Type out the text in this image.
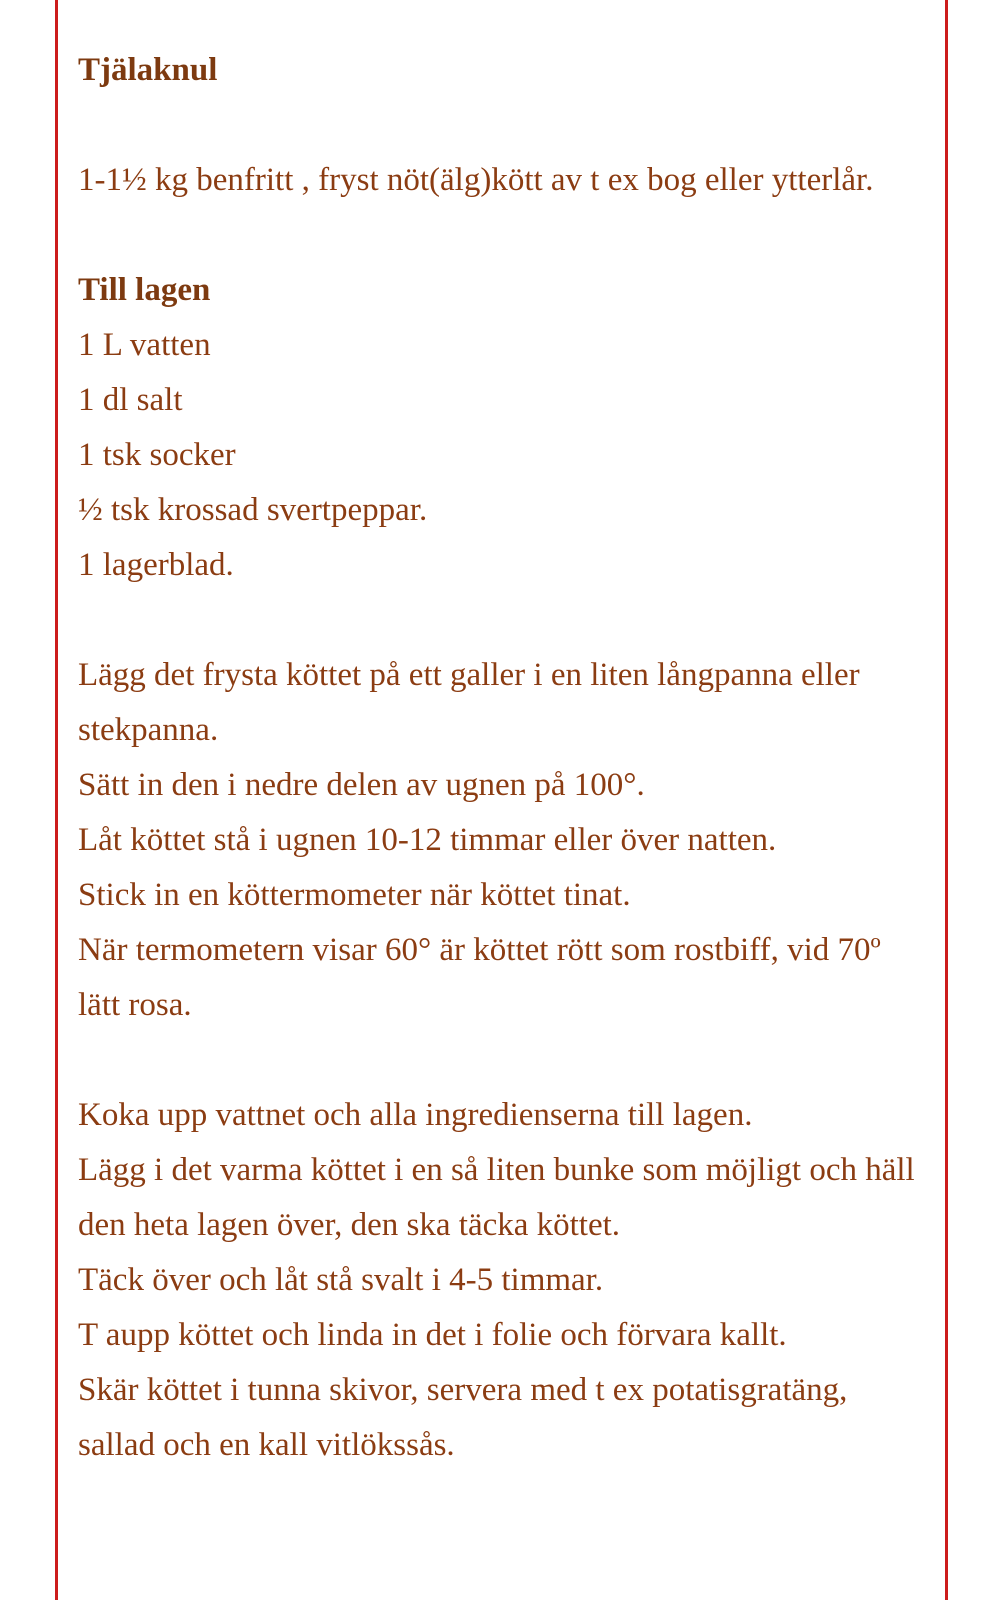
Tjälaknul
1-1½ kg benfritt , fryst nöt(älg)kött av t ex bog eller ytterlår.
Till lagen
1 L vatten
1 dl salt
1 tsk socker
½ tsk krossad svertpeppar.
1 lagerblad.
Lägg det frysta köttet på ett galler i en liten långpanna eller stekpanna.
Sätt in den i nedre delen av ugnen på 100°.
Låt köttet stå i ugnen 10-12 timmar eller över natten.
Stick in en köttermometer när köttet tinat.
När termometern visar 60° är köttet rött som rostbiff, vid 70º lätt rosa.
Koka upp vattnet och alla ingredienserna till lagen.
Lägg i det varma köttet i en så liten bunke som möjligt och häll den heta lagen över, den ska täcka köttet.
Täck över och låt stå svalt i 4-5 timmar.
T aupp köttet och linda in det i folie och förvara kallt.
Skär köttet i tunna skivor, servera med t ex potatisgratäng, sallad och en kall vitlökssås.
